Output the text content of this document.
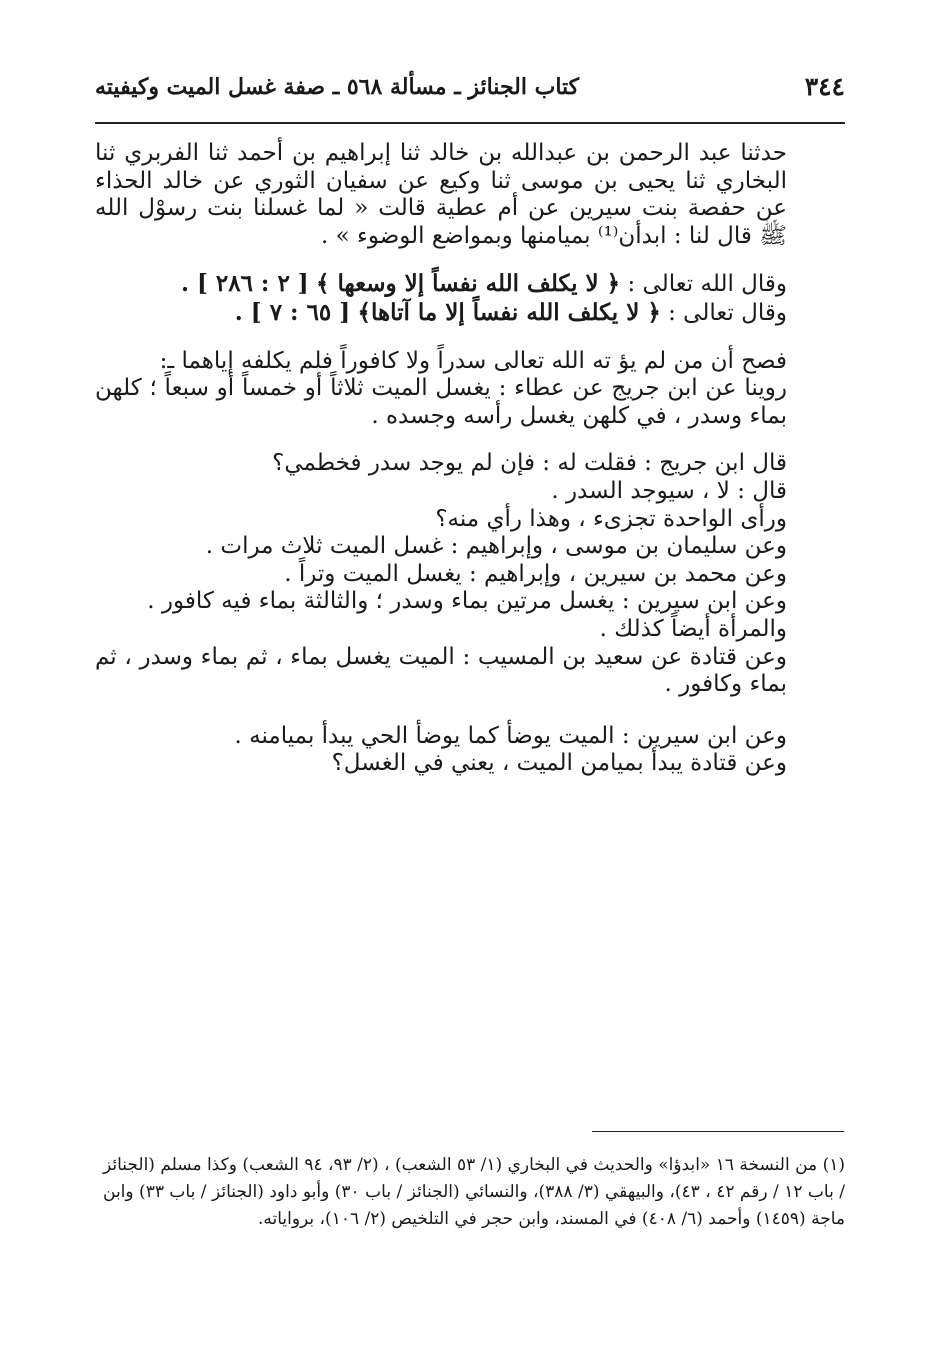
٣٤٤
كتاب الجنائز ـ مسألة ٥٦٨ ـ صفة غسل الميت وكيفيته

حدثنا عبد الرحمن بن عبدالله بن خالد ثنا إبراهيم بن أحمد ثنا الفربري ثنا البخاري ثنا يحيى بن موسى ثنا وكيع عن سفيان الثوري عن خالد الحذاء عن حفصة بنت سيرين عن أم عطية قالت « لما غسلنا بنت رسوْل الله ﷺ قال لنا : ابدأن⁽¹⁾ بميامنها وبمواضع الوضوء » .

وقال الله تعالى : ﴿ لا يكلف الله نفساً إلا وسعها ﴾ [ ٢ : ٢٨٦ ] .

وقال تعالى : ﴿ لا يكلف الله نفساً إلا ما آتاها﴾ [ ٦٥ : ٧ ] .

فصح أن من لم يؤ ته الله تعالى سدراً ولا كافوراً فلم يكلفه إياهما ـ:

روينا عن ابن جريج عن عطاء : يغسل الميت ثلاثاً أو خمساً أو سبعاً ؛ كلهن بماء وسدر ، في كلهن يغسل رأسه وجسده .

قال ابن جريج : فقلت له : فإن لم يوجد سدر فخطمي؟

قال : لا ، سيوجد السدر .

ورأى الواحدة تجزىء ، وهذا رأي منه؟

وعن سليمان بن موسى ، وإبراهيم : غسل الميت ثلاث مرات .

وعن محمد بن سيرين ، وإبراهيم : يغسل الميت وتراً .

وعن ابن سيرين : يغسل مرتين بماء وسدر ؛ والثالثة بماء فيه كافور .

والمرأة أيضاً كذلك .

وعن قتادة عن سعيد بن المسيب : الميت يغسل بماء ، ثم بماء وسدر ، ثم بماء وكافور .

وعن ابن سيرين : الميت يوضأ كما يوضأ الحي يبدأ بميامنه .

وعن قتادة يبدأ بميامن الميت ، يعني في الغسل؟

(١) من النسخة ١٦ «ابدؤا» والحديث في البخاري (١/ ٥٣ الشعب) ، (٢/ ٩٣، ٩٤ الشعب) وكذا مسلم (الجنائز / باب ١٢ / رقم ٤٢ ، ٤٣)، والبيهقي (٣/ ٣٨٨)، والنسائي (الجنائز / باب ٣٠) وأبو داود (الجنائز / باب ٣٣) وابن ماجة (١٤٥٩) وأحمد (٦/ ٤٠٨) في المسند، وابن حجر في التلخيص (٢/ ١٠٦)، برواياته.
